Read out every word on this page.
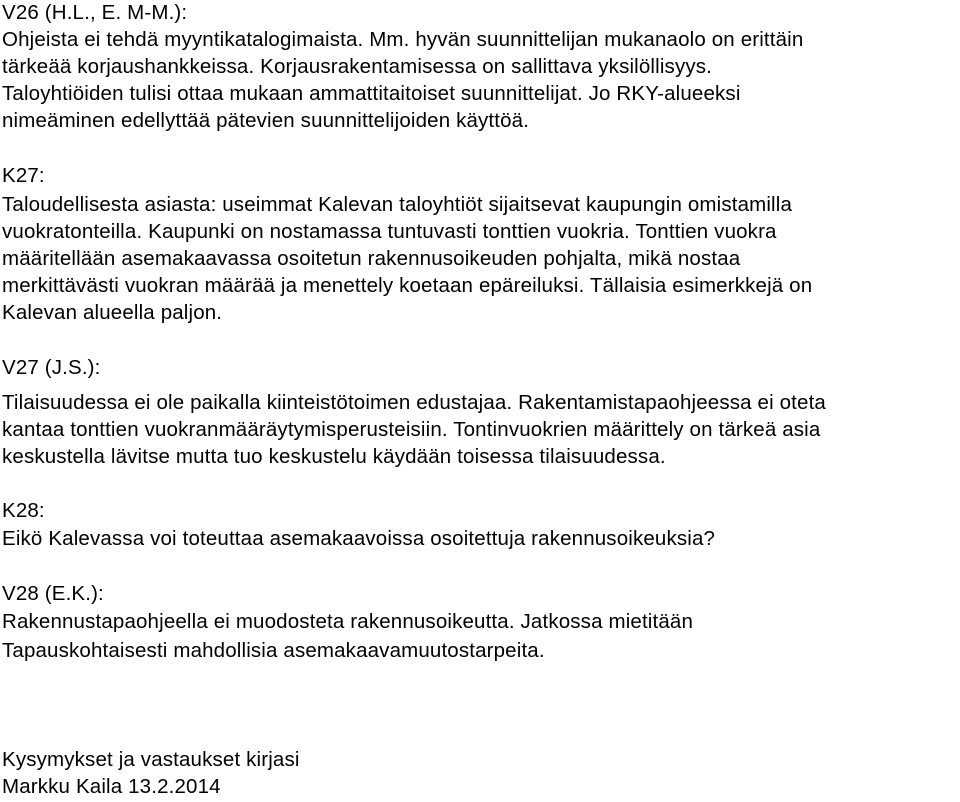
V26 (H.L., E. M-M.):
Ohjeista ei tehdä myyntikatalogimaista. Mm. hyvän suunnittelijan mukanaolo on erittäin
tärkeää korjaushankkeissa. Korjausrakentamisessa on sallittava yksilöllisyys.
Taloyhtiöiden tulisi ottaa mukaan ammattitaitoiset suunnittelijat. Jo RKY-alueeksi
nimeäminen edellyttää pätevien suunnittelijoiden käyttöä.
K27:
Taloudellisesta asiasta: useimmat Kalevan taloyhtiöt sijaitsevat kaupungin omistamilla
vuokratonteilla. Kaupunki on nostamassa tuntuvasti tonttien vuokria. Tonttien vuokra
määritellään asemakaavassa osoitetun rakennusoikeuden pohjalta, mikä nostaa
merkittävästi vuokran määrää ja menettely koetaan epäreiluksi. Tällaisia esimerkkejä on
Kalevan alueella paljon.
V27 (J.S.):
Tilaisuudessa ei ole paikalla kiinteistötoimen edustajaa. Rakentamistapaohjeessa ei oteta
kantaa tonttien vuokranmääräytymisperusteisiin. Tontinvuokrien määrittely on tärkeä asia
keskustella lävitse mutta tuo keskustelu käydään toisessa tilaisuudessa.
K28:
Eikö Kalevassa voi toteuttaa asemakaavoissa osoitettuja rakennusoikeuksia?
V28 (E.K.):
Rakennustapaohjeella ei muodosteta rakennusoikeutta. Jatkossa mietitään
Tapauskohtaisesti mahdollisia asemakaavamuutostarpeita.
Kysymykset ja vastaukset kirjasi
Markku Kaila 13.2.2014
